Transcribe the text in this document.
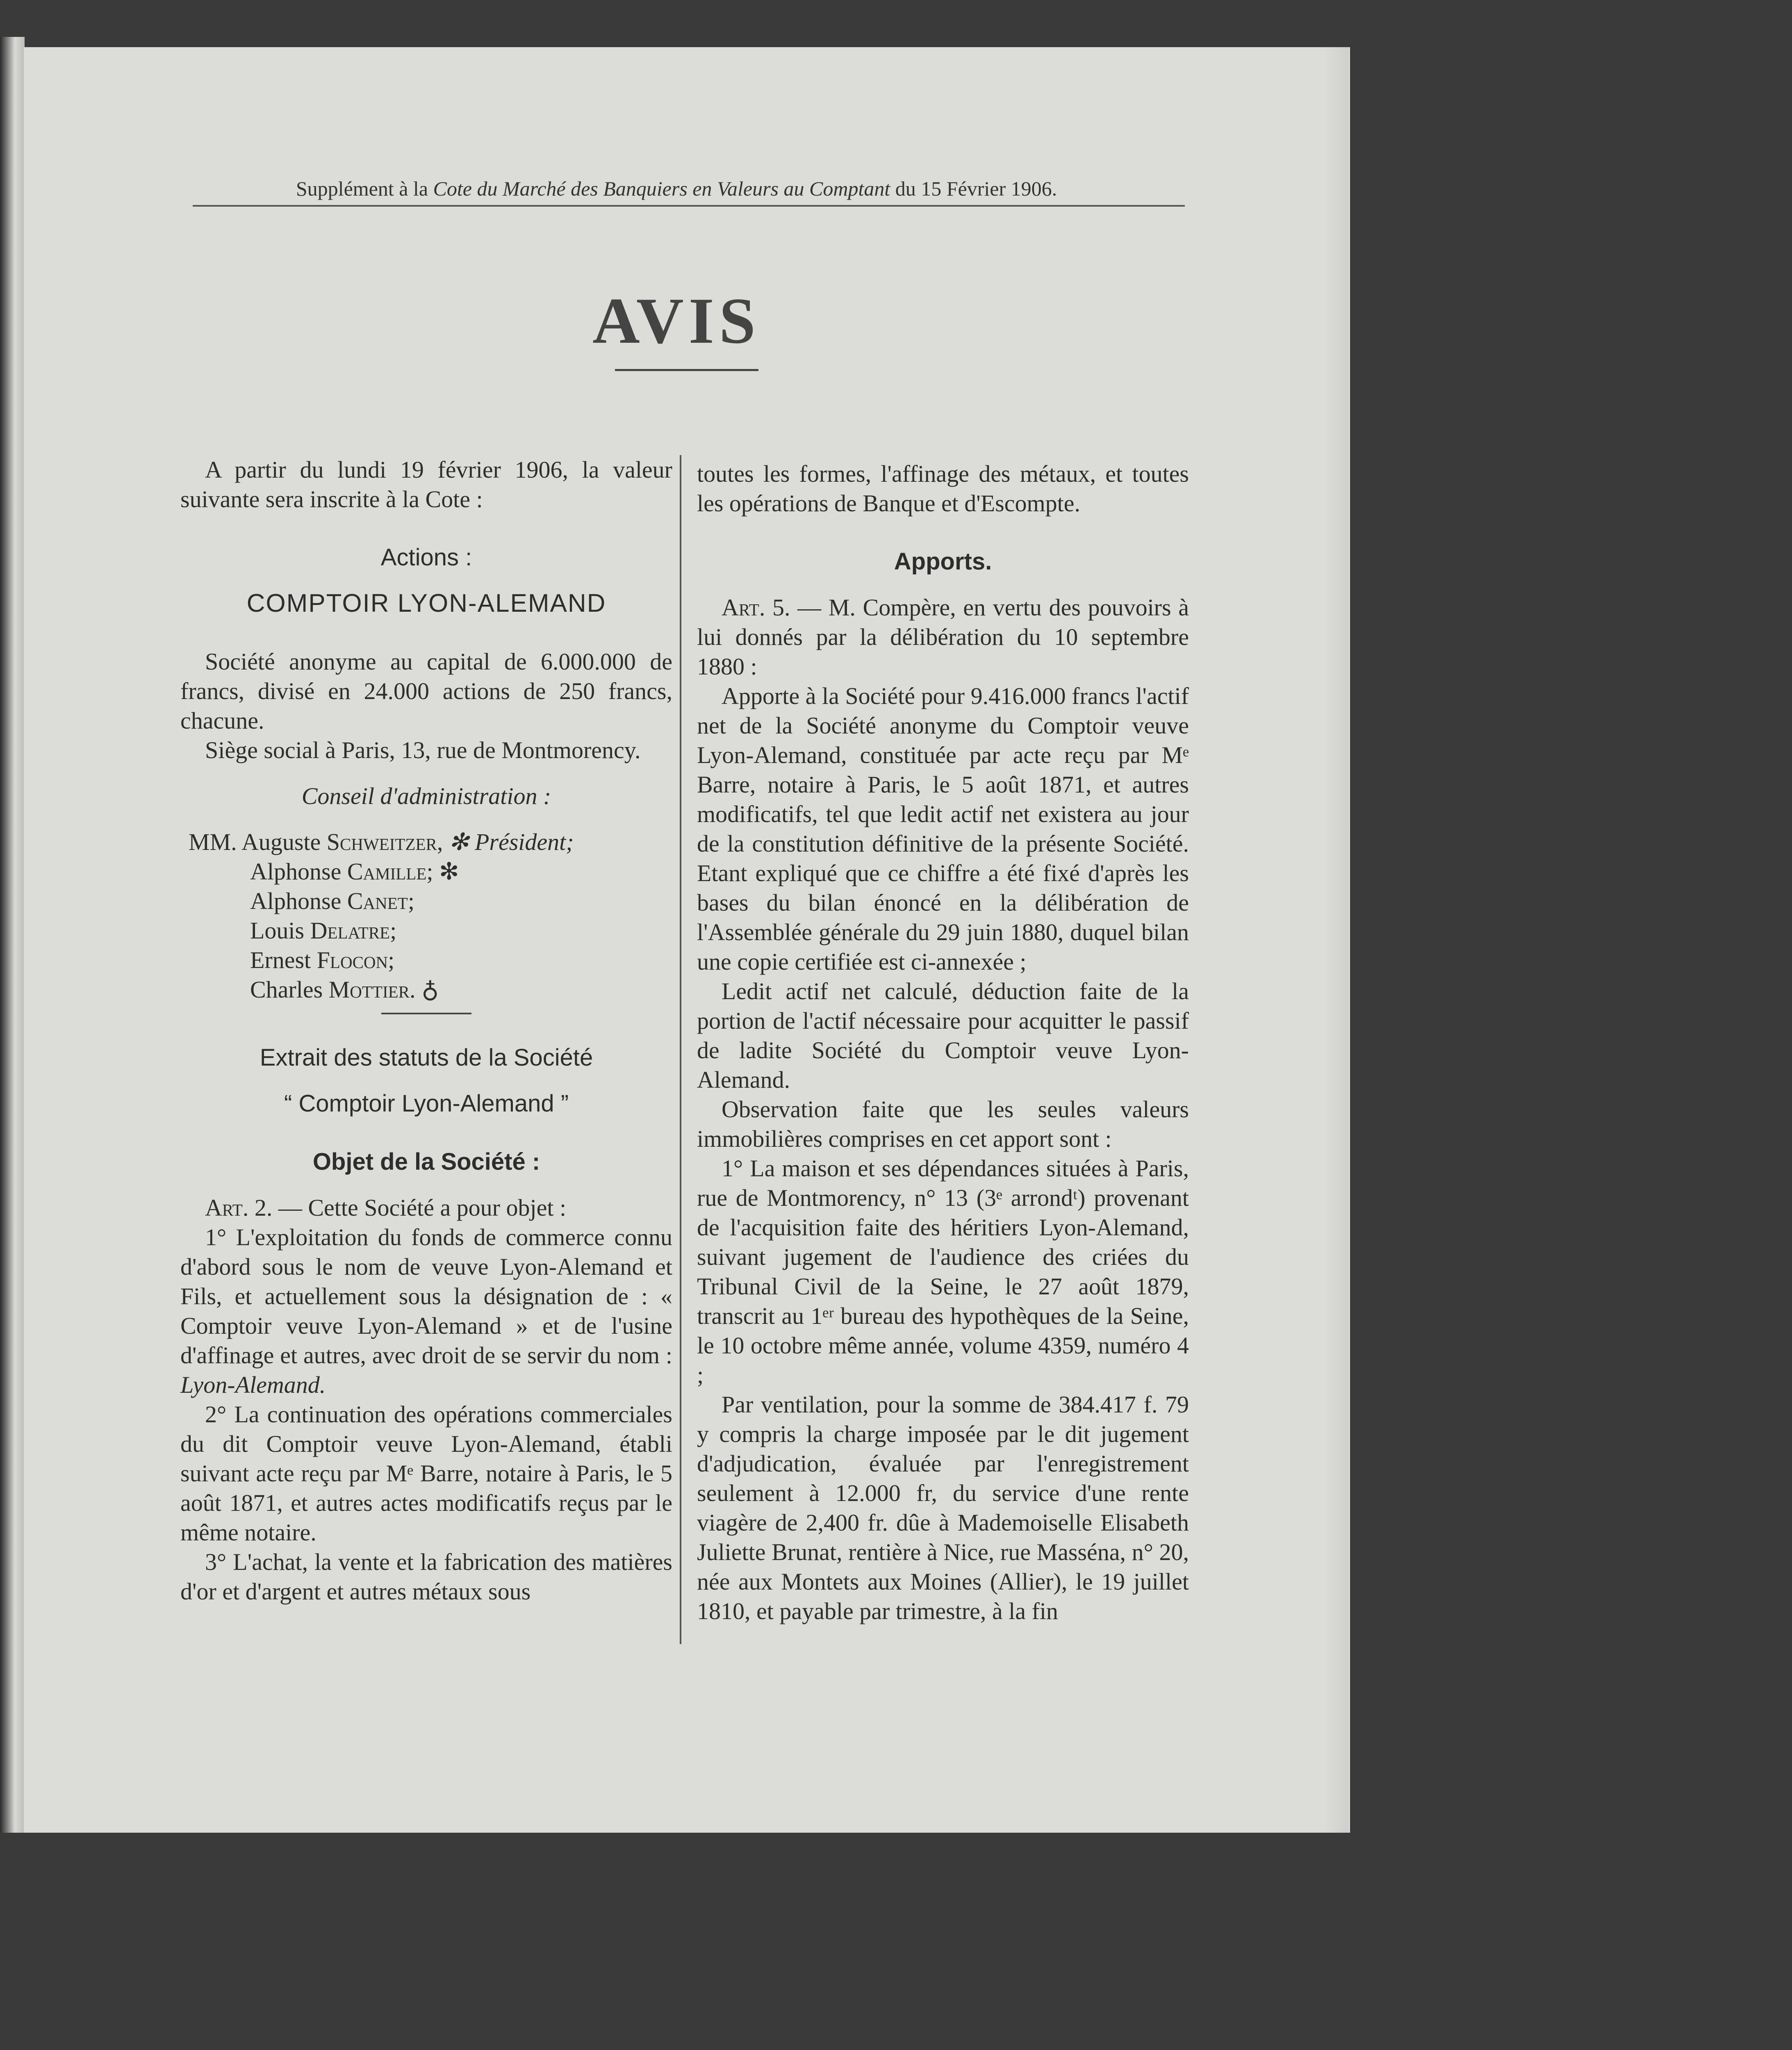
Supplément à la Cote du Marché des Banquiers en Valeurs au Comptant du 15 Février 1906.
AVIS

A partir du lundi 19 février 1906, la valeur suivante sera inscrite à la Cote :

Actions :

COMPTOIR LYON-ALEMAND

Société anonyme au capital de 6.000.000 de francs, divisé en 24.000 actions de 250 francs, chacune.

Siège social à Paris, 13, rue de Montmorency.

Conseil d'administration :

MM. Auguste Schweitzer, ✻ Président;
Alphonse Camille; ✻
Alphonse Canet;
Louis Delatre;
Ernest Flocon;
Charles Mottier. ♁

Extrait des statuts de la Société

“ Comptoir Lyon-Alemand ”

Objet de la Société :

Art. 2. — Cette Société a pour objet :

1° L'exploitation du fonds de commerce connu d'abord sous le nom de veuve Lyon-Alemand et Fils, et actuellement sous la désignation de : « Comptoir veuve Lyon-Alemand » et de l'usine d'affinage et autres, avec droit de se servir du nom : Lyon-Alemand.

2° La continuation des opérations commerciales du dit Comptoir veuve Lyon-Alemand, établi suivant acte reçu par Mᵉ Barre, notaire à Paris, le 5 août 1871, et autres actes modificatifs reçus par le même notaire.

3° L'achat, la vente et la fabrication des matières d'or et d'argent et autres métaux sous

toutes les formes, l'affinage des métaux, et toutes les opérations de Banque et d'Escompte.

Apports.

Art. 5. — M. Compère, en vertu des pouvoirs à lui donnés par la délibération du 10 septembre 1880 :

Apporte à la Société pour 9.416.000 francs l'actif net de la Société anonyme du Comptoir veuve Lyon-Alemand, constituée par acte reçu par Mᵉ Barre, notaire à Paris, le 5 août 1871, et autres modificatifs, tel que ledit actif net existera au jour de la constitution définitive de la présente Société. Etant expliqué que ce chiffre a été fixé d'après les bases du bilan énoncé en la délibération de l'Assemblée générale du 29 juin 1880, duquel bilan une copie certifiée est ci-annexée ;

Ledit actif net calculé, déduction faite de la portion de l'actif nécessaire pour acquitter le passif de ladite Société du Comptoir veuve Lyon-Alemand.

Observation faite que les seules valeurs immobilières comprises en cet apport sont :

1° La maison et ses dépendances situées à Paris, rue de Montmorency, n° 13 (3ᵉ arrondᵗ) provenant de l'acquisition faite des héritiers Lyon-Alemand, suivant jugement de l'audience des criées du Tribunal Civil de la Seine, le 27 août 1879, transcrit au 1ᵉʳ bureau des hypothèques de la Seine, le 10 octobre même année, volume 4359, numéro 4 ;

Par ventilation, pour la somme de 384.417 f. 79 y compris la charge imposée par le dit jugement d'adjudication, évaluée par l'enregistrement seulement à 12.000 fr, du service d'une rente viagère de 2,400 fr. dûe à Mademoiselle Elisabeth Juliette Brunat, rentière à Nice, rue Masséna, n° 20, née aux Montets aux Moines (Allier), le 19 juillet 1810, et payable par trimestre, à la fin
